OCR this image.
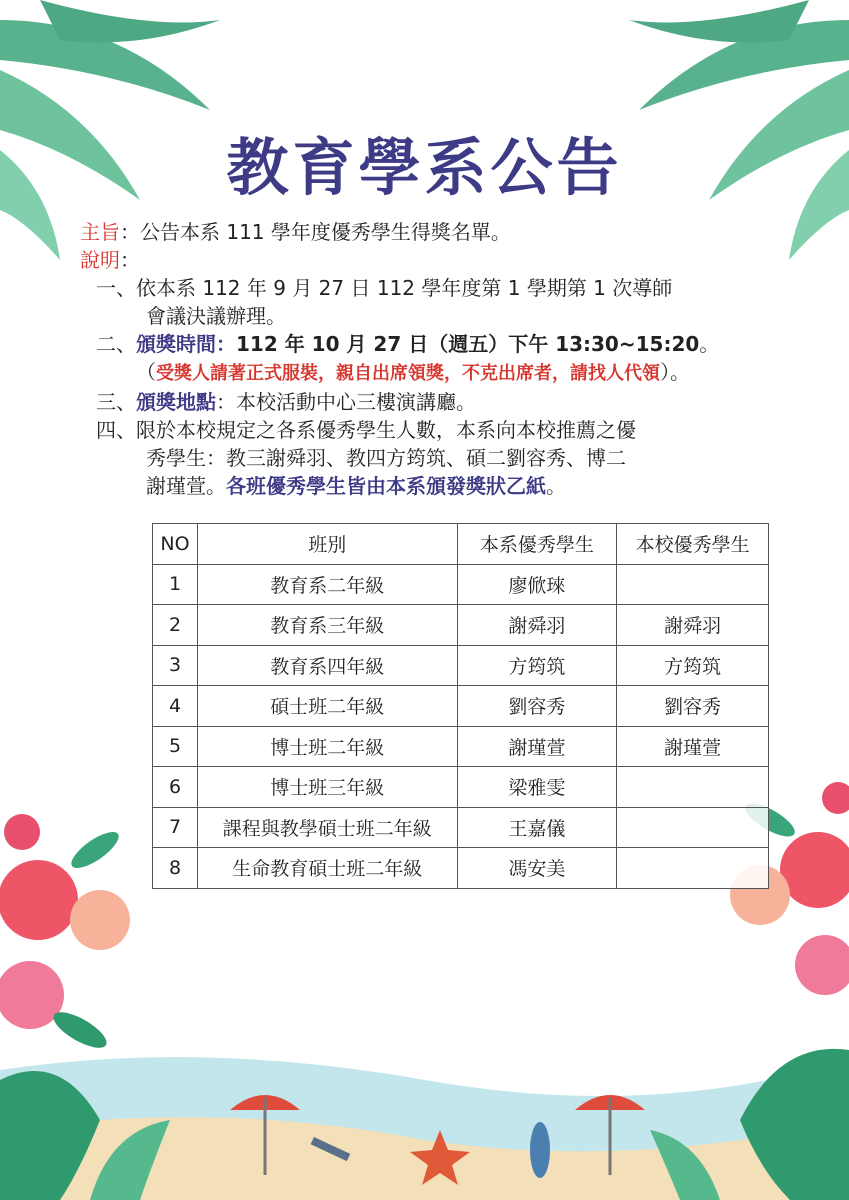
教育學系公告
主旨：公告本系 111 學年度優秀學生得獎名單。
說明：
一、依本系 112 年 9 月 27 日 112 學年度第 1 學期第 1 次導師
會議決議辦理。
二、頒獎時間：112 年 10 月 27 日（週五）下午 13:30~15:20。
（受獎人請著正式服裝，親自出席領獎，不克出席者，請找人代領）。
三、頒獎地點：本校活動中心三樓演講廳。
四、限於本校規定之各系優秀學生人數，本系向本校推薦之優
秀學生：教三謝舜羽、教四方筠筑、碩二劉容秀、博二
謝瑾萱。各班優秀學生皆由本系頒發獎狀乙紙。
NO	班別	本系優秀學生	本校優秀學生
1	教育系二年級	廖俽琜	
2	教育系三年級	謝舜羽	謝舜羽
3	教育系四年級	方筠筑	方筠筑
4	碩士班二年級	劉容秀	劉容秀
5	博士班二年級	謝瑾萱	謝瑾萱
6	博士班三年級	梁雅雯	
7	課程與教學碩士班二年級	王嘉儀	
8	生命教育碩士班二年級	馮安美	
